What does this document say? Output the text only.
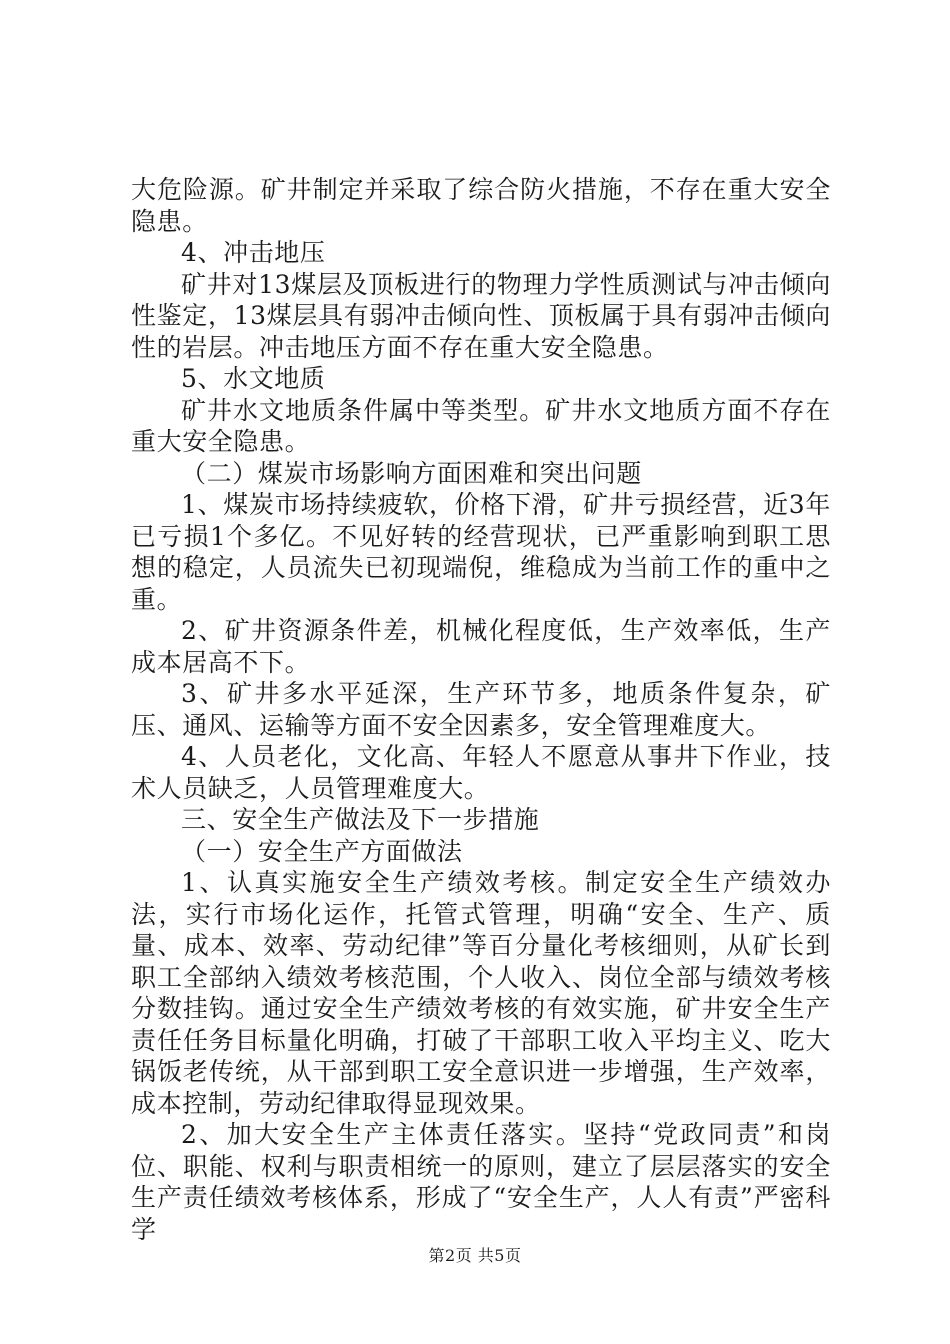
大危险源。矿井制定并采取了综合防火措施，不存在重大安全隐患。

4、冲击地压

矿井对13煤层及顶板进行的物理力学性质测试与冲击倾向性鉴定，13煤层具有弱冲击倾向性、顶板属于具有弱冲击倾向性的岩层。冲击地压方面不存在重大安全隐患。

5、水文地质

矿井水文地质条件属中等类型。矿井水文地质方面不存在重大安全隐患。

（二）煤炭市场影响方面困难和突出问题

1、煤炭市场持续疲软，价格下滑，矿井亏损经营，近3年已亏损1个多亿。不见好转的经营现状，已严重影响到职工思想的稳定，人员流失已初现端倪，维稳成为当前工作的重中之重。

2、矿井资源条件差，机械化程度低，生产效率低，生产成本居高不下。

3、矿井多水平延深，生产环节多，地质条件复杂，矿压、通风、运输等方面不安全因素多，安全管理难度大。

4、人员老化，文化高、年轻人不愿意从事井下作业，技术人员缺乏，人员管理难度大。

三、安全生产做法及下一步措施

（一）安全生产方面做法

1、认真实施安全生产绩效考核。制定安全生产绩效办法，实行市场化运作，托管式管理，明确“安全、生产、质量、成本、效率、劳动纪律”等百分量化考核细则，从矿长到职工全部纳入绩效考核范围，个人收入、岗位全部与绩效考核分数挂钩。通过安全生产绩效考核的有效实施，矿井安全生产责任任务目标量化明确，打破了干部职工收入平均主义、吃大锅饭老传统，从干部到职工安全意识进一步增强，生产效率，成本控制，劳动纪律取得显现效果。

2、加大安全生产主体责任落实。坚持“党政同责”和岗位、职能、权利与职责相统一的原则，建立了层层落实的安全生产责任绩效考核体系，形成了“安全生产，人人有责”严密科学

第2页 共5页
